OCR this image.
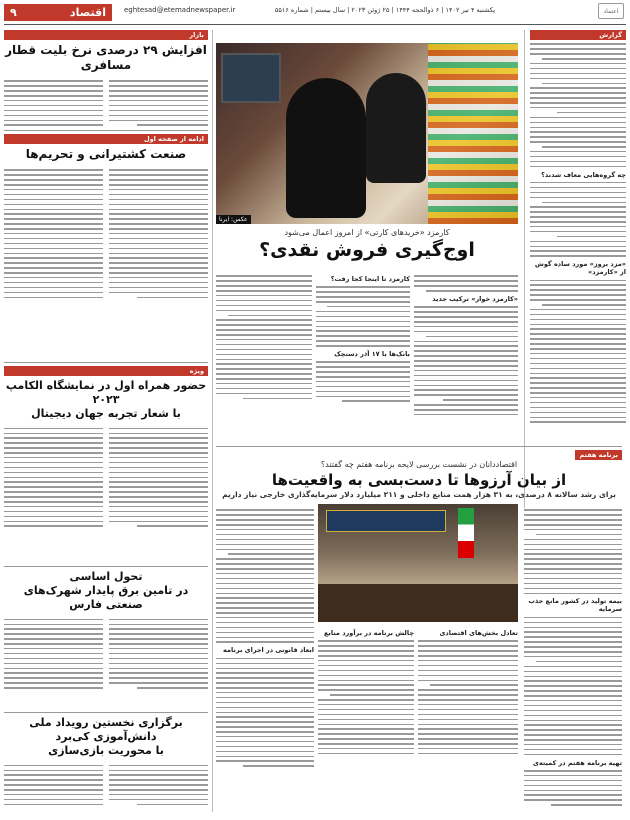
۹	اقتصاد	eghtesad@etemadnewspaper.ir	یکشنبه ۴ تیر ۱۴۰۲ | ۶ ذوالحجه ۱۴۴۴ | ۲۵ ژوئن ۲۰۲۳ | سال بیستم | شماره ۵۵۱۶	اعتماد
گزارش
چه گروه‌هایی معاف شدند؟
«مزد بروز» مورد ساده گوش از «کارمزد»
عکس: ایرنا
کارمزد «خریدهای کارتی» از امروز اعمال می‌شود
اوج‌گیری فروش نقدی؟
«کارمزد خوار» ترکیب جدید
کارمزد تا اینجا کجا رفت؟
بانک‌ها با ۱۷ آذر دستچک
برنامه هفتم
اقتصاددانان در نشست بررسی لایحه برنامه هفتم چه گفتند؟
از بیان آرزوها تا دست‌بسی به واقعیت‌ها
برای رشد سالانه ۸ درصدی، به ۳۱ هزار همت منابع داخلی و ۲۱۱ میلیارد دلار سرمایه‌گذاری خارجی نیاز داریم
بیمه تولید در کشور مانع جذب سرمایه
تهیه برنامه هفتم در کمیته‌ی
تعادل بخش‌های اقتصادی
چالش برنامه در برآورد منابع
ابعاد قانونی در اجرای برنامه
بازار
افزایش ۲۹ درصدی نرخ بلیت قطار مسافری
ادامه از صفحه اول
صنعت کشتیرانی و تحریم‌ها
ویژه
حضور همراه اول در نمایشگاه الکامپ ۲۰۲۳
با شعار تجربه جهان دیجیتال
تحول اساسی
در تامین برق پایدار شهرک‌های صنعتی فارس
برگزاری نخستین رویداد ملی دانش‌آموزی کی‌برد
با محوریت بازی‌سازی
